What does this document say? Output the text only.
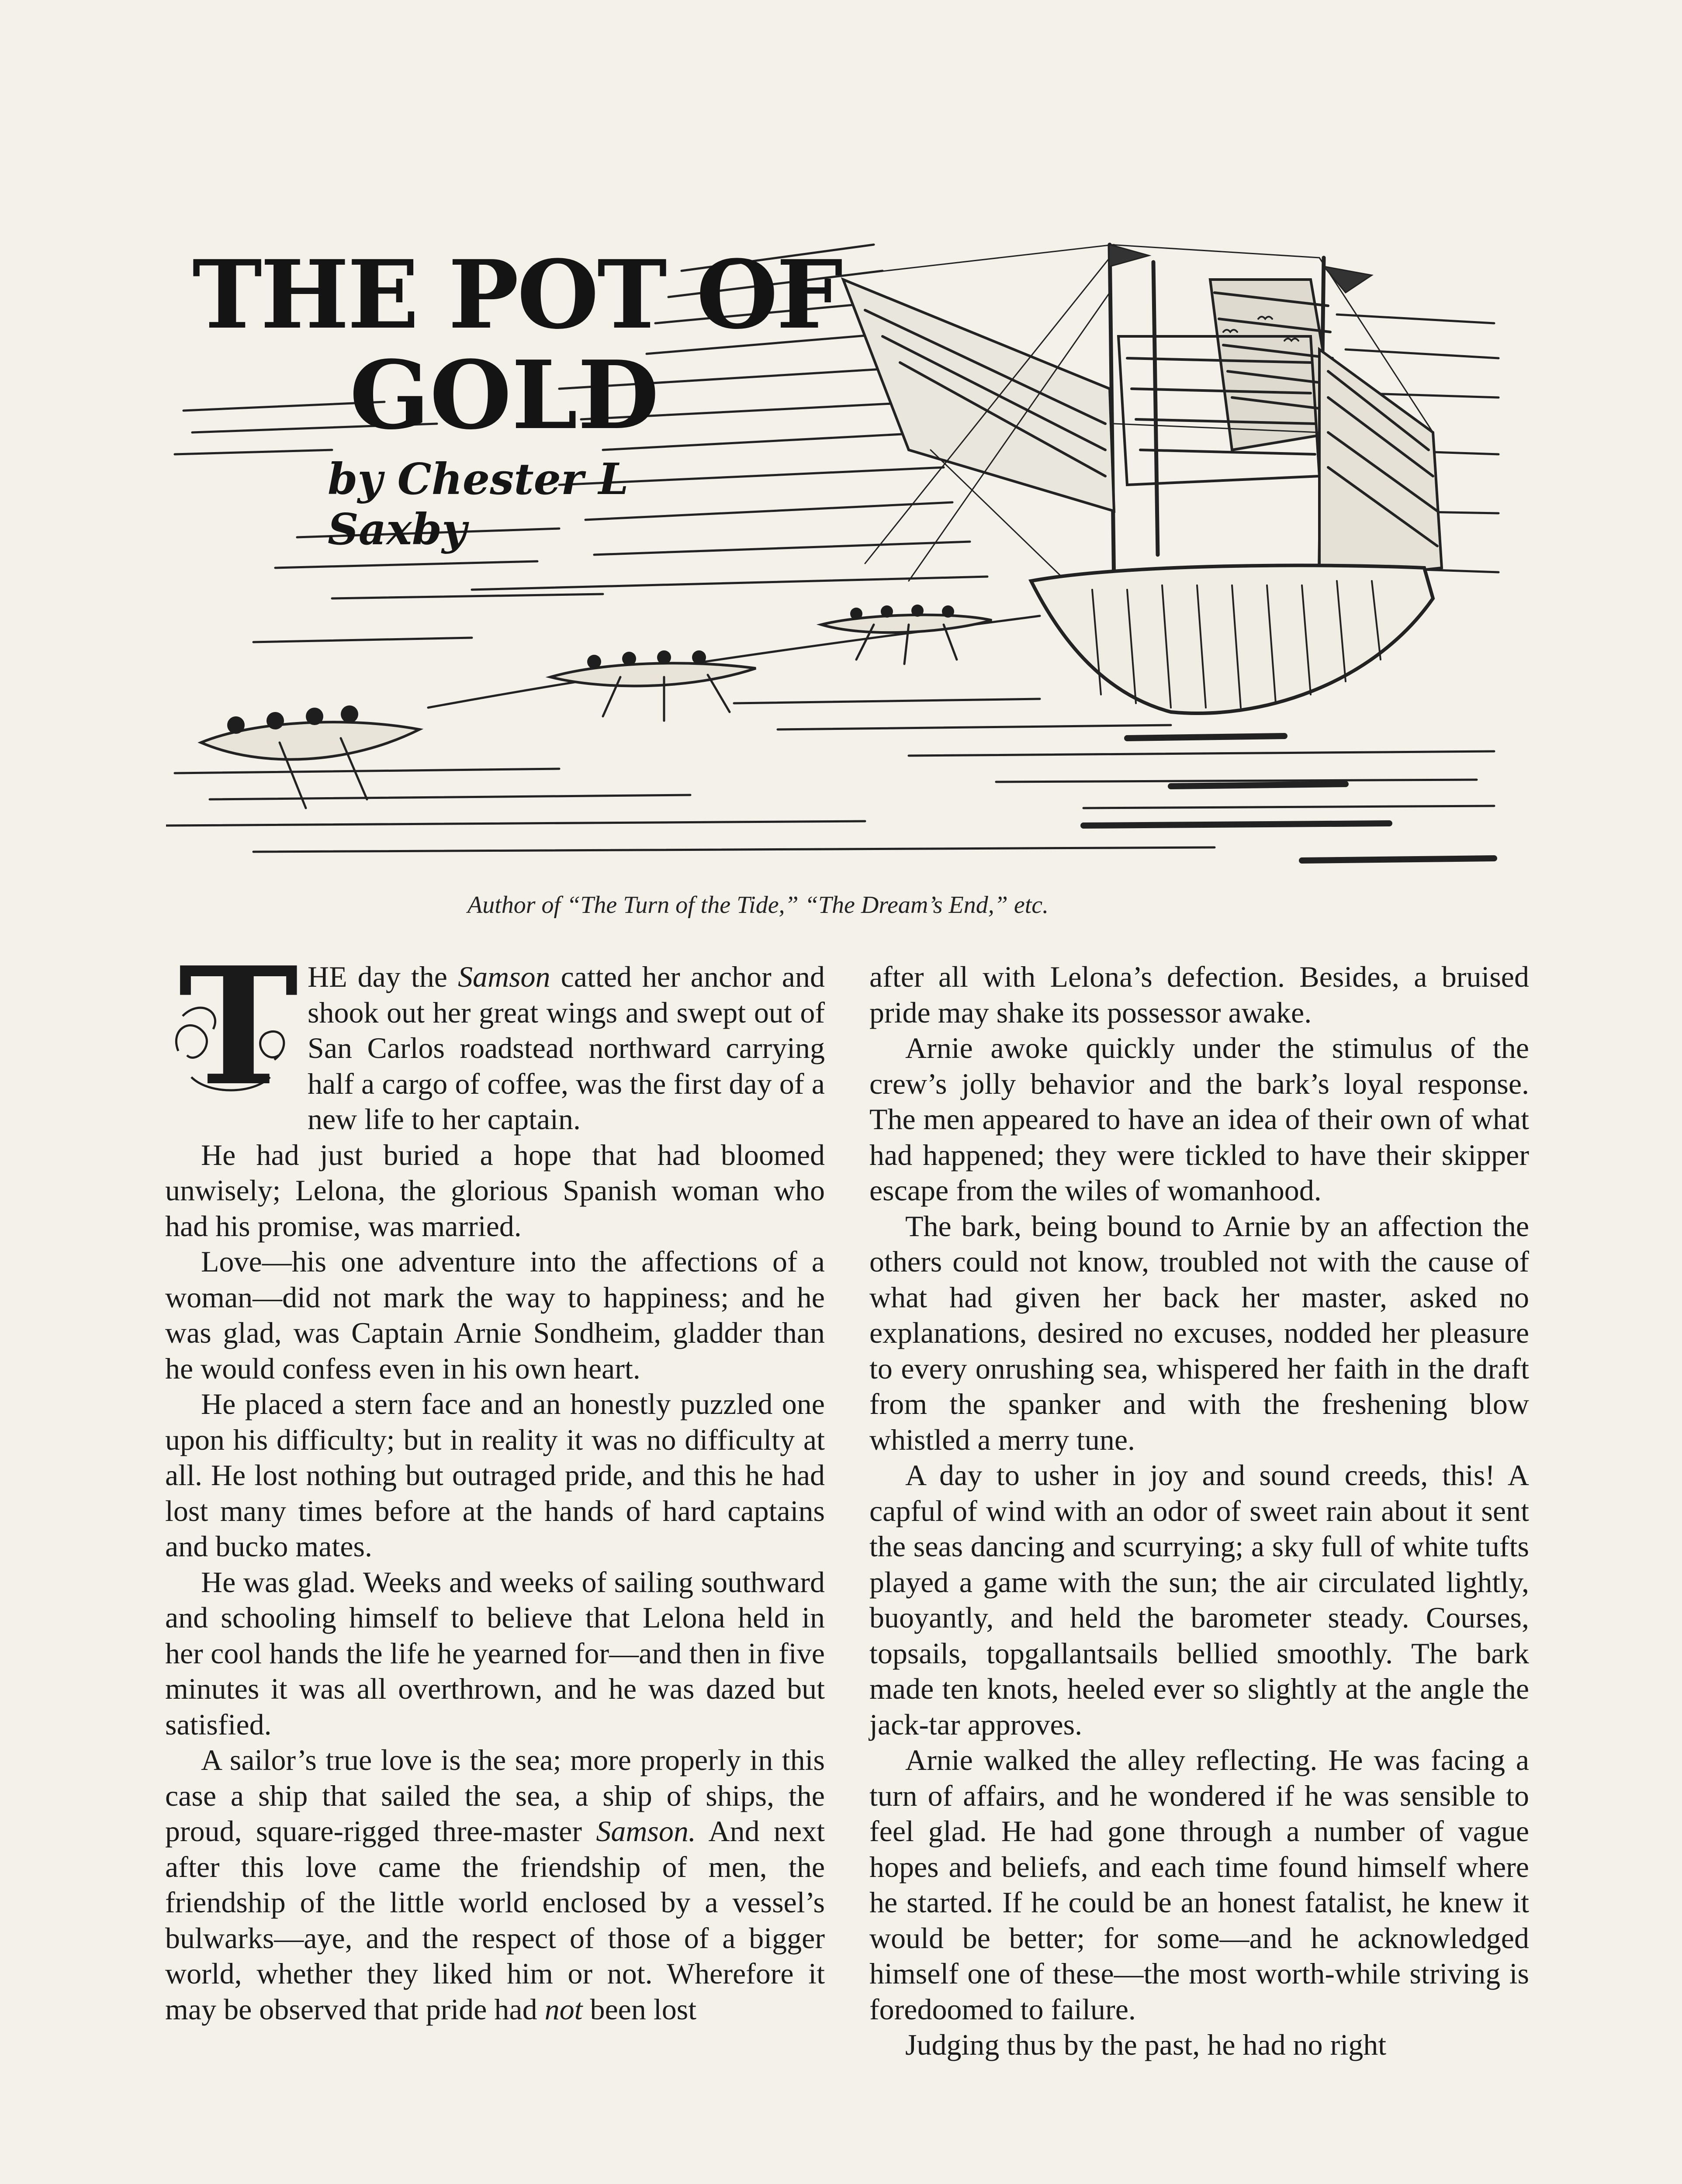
THE POT OF
GOLD
by Chester L Saxby
Author of “The Turn of the Tide,” “The Dream’s End,” etc.
T HE day the Samson catted her anchor and shook out her great wings and swept out of San Carlos roadstead northward carrying half a cargo of coffee, was the first day of a new life to her captain.

He had just buried a hope that had bloomed unwisely; Lelona, the glorious Spanish woman who had his promise, was married.

Love—his one adventure into the affections of a woman—did not mark the way to happiness; and he was glad, was Captain Arnie Sondheim, gladder than he would confess even in his own heart.

He placed a stern face and an honestly puzzled one upon his difficulty; but in reality it was no difficulty at all. He lost nothing but outraged pride, and this he had lost many times before at the hands of hard captains and bucko mates.

He was glad. Weeks and weeks of sailing southward and schooling himself to believe that Lelona held in her cool hands the life he yearned for—and then in five minutes it was all overthrown, and he was dazed but satisfied.

A sailor’s true love is the sea; more properly in this case a ship that sailed the sea, a ship of ships, the proud, square-rigged three-master Samson. And next after this love came the friendship of men, the friendship of the little world enclosed by a vessel’s bulwarks—aye, and the respect of those of a bigger world, whether they liked him or not. Wherefore it may be observed that pride had not been lost

after all with Lelona’s defection. Besides, a bruised pride may shake its possessor awake.

Arnie awoke quickly under the stimulus of the crew’s jolly behavior and the bark’s loyal response. The men appeared to have an idea of their own of what had happened; they were tickled to have their skipper escape from the wiles of womanhood.

The bark, being bound to Arnie by an affection the others could not know, troubled not with the cause of what had given her back her master, asked no explanations, desired no excuses, nodded her pleasure to every onrushing sea, whispered her faith in the draft from the spanker and with the freshening blow whistled a merry tune.

A day to usher in joy and sound creeds, this! A capful of wind with an odor of sweet rain about it sent the seas dancing and scurrying; a sky full of white tufts played a game with the sun; the air circulated lightly, buoyantly, and held the barometer steady. Courses, topsails, topgallantsails bellied smoothly. The bark made ten knots, heeled ever so slightly at the angle the jack-tar approves.

Arnie walked the alley reflecting. He was facing a turn of affairs, and he wondered if he was sensible to feel glad. He had gone through a number of vague hopes and beliefs, and each time found himself where he started. If he could be an honest fatalist, he knew it would be better; for some—and he acknowledged himself one of these—the most worth-while striving is foredoomed to failure.

Judging thus by the past, he had no right
